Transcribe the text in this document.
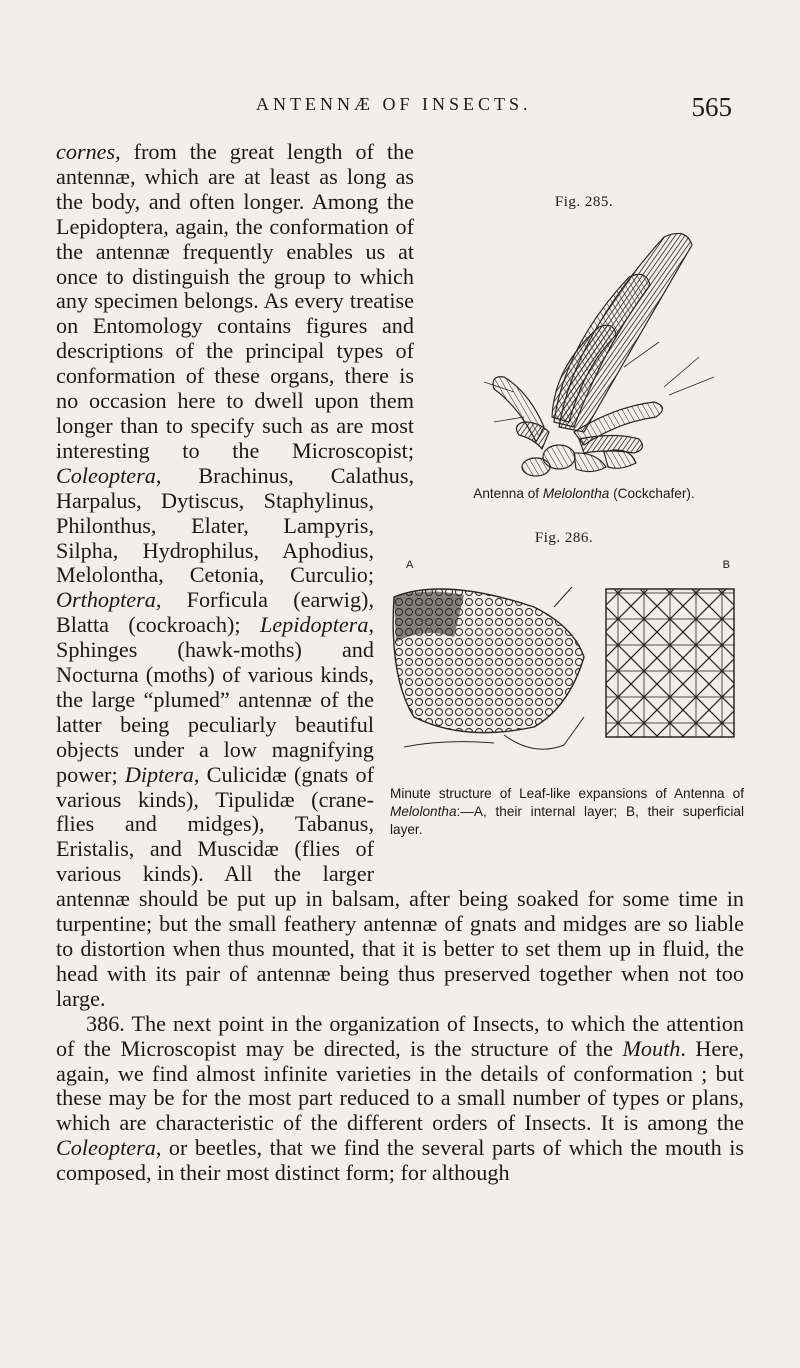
ANTENNÆ OF INSECTS.	565
Fig. 285.
Antenna of Melolontha (Cockchafer).
Fig. 286.
A	B
Minute structure of Leaf-like expansions of Antenna of Melolontha:—A, their internal layer; B, their superficial layer.

cornes, from the great length of the antennæ, which are at least as long as the body, and often longer. Among the Lepidoptera, again, the conformation of the antennæ frequently enables us at once to distinguish the group to which any specimen belongs. As every treatise on Entomology contains figures and descriptions of the principal types of conformation of these organs, there is no occasion here to dwell upon them longer than to specify such as are most interesting to the Microscopist; Coleoptera, Brachinus, Calathus, Harpalus, Dytiscus, Staphylinus, Philonthus, Elater, Lampyris, Silpha, Hydrophilus, Aphodius, Melolontha, Cetonia, Curculio; Orthoptera, Forficula (earwig), Blatta (cockroach); Lepidoptera, Sphinges (hawk-moths) and Nocturna (moths) of various kinds, the large “plumed” antennæ of the latter being peculiarly beautiful objects under a low magnifying power; Diptera, Culicidæ (gnats of various kinds), Tipulidæ (crane-flies and midges), Tabanus, Eristalis, and Muscidæ (flies of various kinds). All the larger antennæ should be put up in balsam, after being soaked for some time in turpentine; but the small feathery antennæ of gnats and midges are so liable to distortion when thus mounted, that it is better to set them up in fluid, the head with its pair of antennæ being thus preserved together when not too large.

386. The next point in the organization of Insects, to which the attention of the Microscopist may be directed, is the structure of the Mouth. Here, again, we find almost infinite varieties in the details of conformation ; but these may be for the most part reduced to a small number of types or plans, which are characteristic of the different orders of Insects. It is among the Coleoptera, or beetles, that we find the several parts of which the mouth is composed, in their most distinct form; for although
